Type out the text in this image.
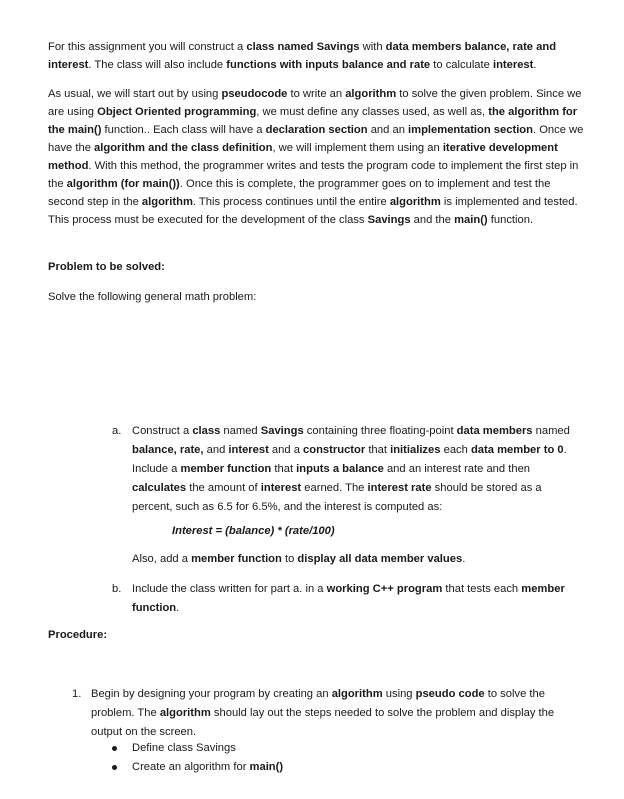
For this assignment you will construct a class named Savings with data members balance, rate and interest. The class will also include functions with inputs balance and rate to calculate interest.

As usual, we will start out by using pseudocode to write an algorithm to solve the given problem. Since we are using Object Oriented programming, we must define any classes used, as well as, the algorithm for the main() function.. Each class will have a declaration section and an implementation section. Once we have the algorithm and the class definition, we will implement them using an iterative development method. With this method, the programmer writes and tests the program code to implement the first step in the algorithm (for main()). Once this is complete, the programmer goes on to implement and test the second step in the algorithm. This process continues until the entire algorithm is implemented and tested. This process must be executed for the development of the class Savings and the main() function.

Problem to be solved:

Solve the following general math problem:

a. Construct a class named Savings containing three floating-point data members named balance, rate, and interest and a constructor that initializes each data member to 0. Include a member function that inputs a balance and an interest rate and then calculates the amount of interest earned. The interest rate should be stored as a percent, such as 6.5 for 6.5%, and the interest is computed as:

Interest = (balance) * (rate/100)

Also, add a member function to display all data member values.

b. Include the class written for part a. in a working C++ program that tests each member function.

Procedure:

1. Begin by designing your program by creating an algorithm using pseudo code to solve the problem. The algorithm should lay out the steps needed to solve the problem and display the output on the screen.

Define class Savings
Create an algorithm for main()
